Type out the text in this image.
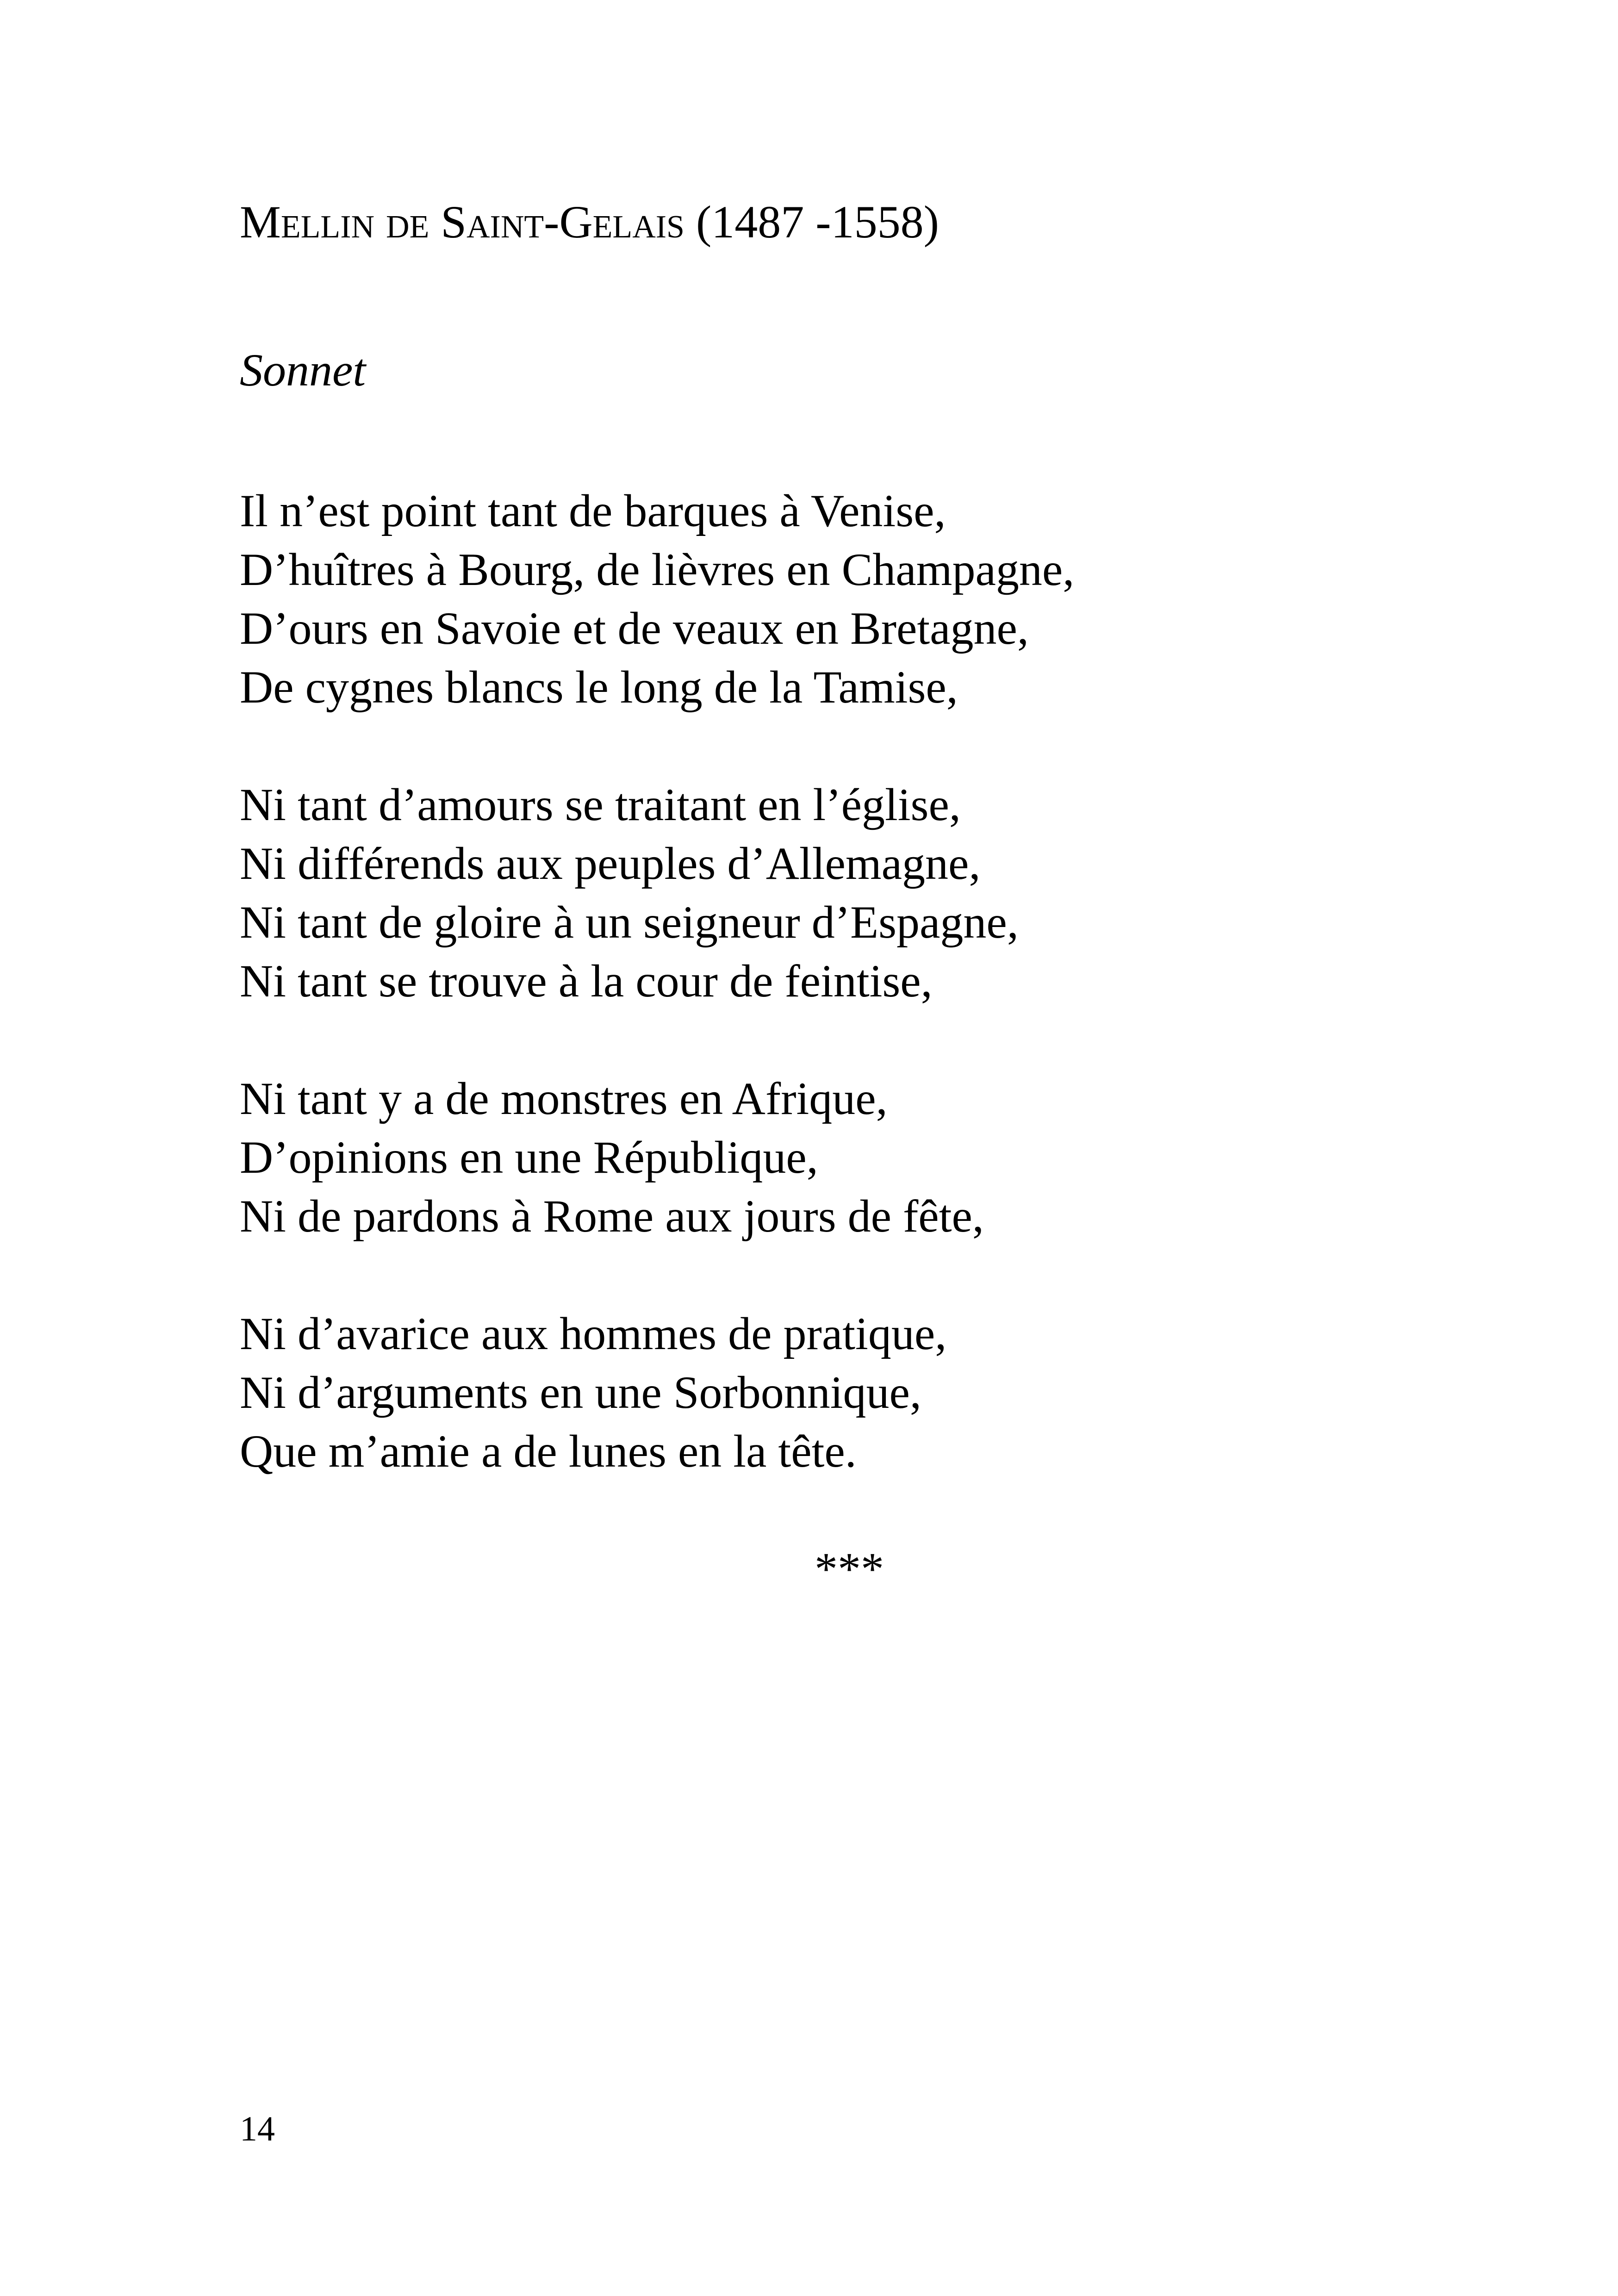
Mellin de Saint-Gelais (1487 -1558)
Sonnet
Il n’est point tant de barques à Venise,
D’huîtres à Bourg, de lièvres en Champagne,
D’ours en Savoie et de veaux en Bretagne,
De cygnes blancs le long de la Tamise,
Ni tant d’amours se traitant en l’église,
Ni différends aux peuples d’Allemagne,
Ni tant de gloire à un seigneur d’Espagne,
Ni tant se trouve à la cour de feintise,
Ni tant y a de monstres en Afrique,
D’opinions en une République,
Ni de pardons à Rome aux jours de fête,
Ni d’avarice aux hommes de pratique,
Ni d’arguments en une Sorbonnique,
Que m’amie a de lunes en la tête.
***
14
